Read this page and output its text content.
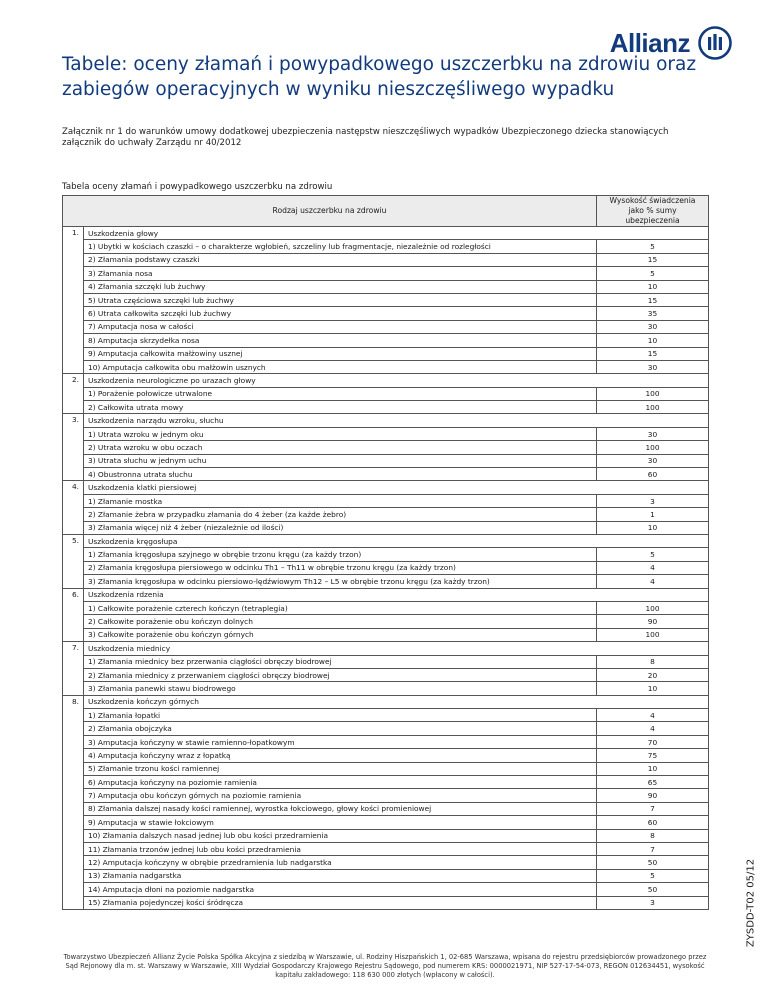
Allianz
Tabele: oceny złamań i powypadkowego uszczerbku na zdrowiu oraz zabiegów operacyjnych w wyniku nieszczęśliwego wypadku
Załącznik nr 1 do warunków umowy dodatkowej ubezpieczenia następstw nieszczęśliwych wypadków Ubezpieczonego dziecka stanowiących załącznik do uchwały Zarządu nr 40/2012
Tabela oceny złamań i powypadkowego uszczerbku na zdrowiu
Rodzaj uszczerbku na zdrowiu		Wysokość świadczenia jako % sumy ubezpieczenia
1.	Uszkodzenia głowy	
	1) Ubytki w kościach czaszki – o charakterze wgłobień, szczeliny lub fragmentacje, niezależnie od rozległości	5
	2) Złamania podstawy czaszki	15
	3) Złamania nosa	5
	4) Złamania szczęki lub żuchwy	10
	5) Utrata częściowa szczęki lub żuchwy	15
	6) Utrata całkowita szczęki lub żuchwy	35
	7) Amputacja nosa w całości	30
	8) Amputacja skrzydełka nosa	10
	9) Amputacja całkowita małżowiny usznej	15
	10) Amputacja całkowita obu małżowin usznych	30
2.	Uszkodzenia neurologiczne po urazach głowy	
	1) Porażenie połowicze utrwalone	100
	2) Całkowita utrata mowy	100
3.	Uszkodzenia narządu wzroku, słuchu	
	1) Utrata wzroku w jednym oku	30
	2) Utrata wzroku w obu oczach	100
	3) Utrata słuchu w jednym uchu	30
	4) Obustronna utrata słuchu	60
4.	Uszkodzenia klatki piersiowej	
	1) Złamanie mostka	3
	2) Złamanie żebra w przypadku złamania do 4 żeber (za każde żebro)	1
	3) Złamania więcej niż 4 żeber (niezależnie od ilości)	10
5.	Uszkodzenia kręgosłupa	
	1) Złamania kręgosłupa szyjnego w obrębie trzonu kręgu (za każdy trzon)	5
	2) Złamania kręgosłupa piersiowego w odcinku Th1 – Th11 w obrębie trzonu kręgu (za każdy trzon)	4
	3) Złamania kręgosłupa w odcinku piersiowo-lędźwiowym Th12 – L5 w obrębie trzonu kręgu (za każdy trzon)	4
6.	Uszkodzenia rdzenia	
	1) Całkowite porażenie czterech kończyn (tetraplegia)	100
	2) Całkowite porażenie obu kończyn dolnych	90
	3) Całkowite porażenie obu kończyn górnych	100
7.	Uszkodzenia miednicy	
	1) Złamania miednicy bez przerwania ciągłości obręczy biodrowej	8
	2) Złamania miednicy z przerwaniem ciągłości obręczy biodrowej	20
	3) Złamania panewki stawu biodrowego	10
8.	Uszkodzenia kończyn górnych	
	1) Złamania łopatki	4
	2) Złamania obojczyka	4
	3) Amputacja kończyny w stawie ramienno-łopatkowym	70
	4) Amputacja kończyny wraz z łopatką	75
	5) Złamanie trzonu kości ramiennej	10
	6) Amputacja kończyny na poziomie ramienia	65
	7) Amputacja obu kończyn górnych na poziomie ramienia	90
	8) Złamania dalszej nasady kości ramiennej, wyrostka łokciowego, głowy kości promieniowej	7
	9) Amputacja w stawie łokciowym	60
	10) Złamania dalszych nasad jednej lub obu kości przedramienia	8
	11) Złamania trzonów jednej lub obu kości przedramienia	7
	12) Amputacja kończyny w obrębie przedramienia lub nadgarstka	50
	13) Złamania nadgarstka	5
	14) Amputacja dłoni na poziomie nadgarstka	50
	15) Złamania pojedynczej kości śródręcza	3	ZYSDD-T02 05/12
Towarzystwo Ubezpieczeń Allianz Życie Polska Spółka Akcyjna z siedzibą w Warszawie, ul. Rodziny Hiszpańskich 1, 02-685 Warszawa, wpisana do rejestru przedsiębiorców prowadzonego przez Sąd Rejonowy dla m. st. Warszawy w Warszawie, XIII Wydział Gospodarczy Krajowego Rejestru Sądowego, pod numerem KRS: 0000021971, NIP 527-17-54-073, REGON 012634451, wysokość kapitału zakładowego: 118 630 000 złotych (wpłacony w całości).
